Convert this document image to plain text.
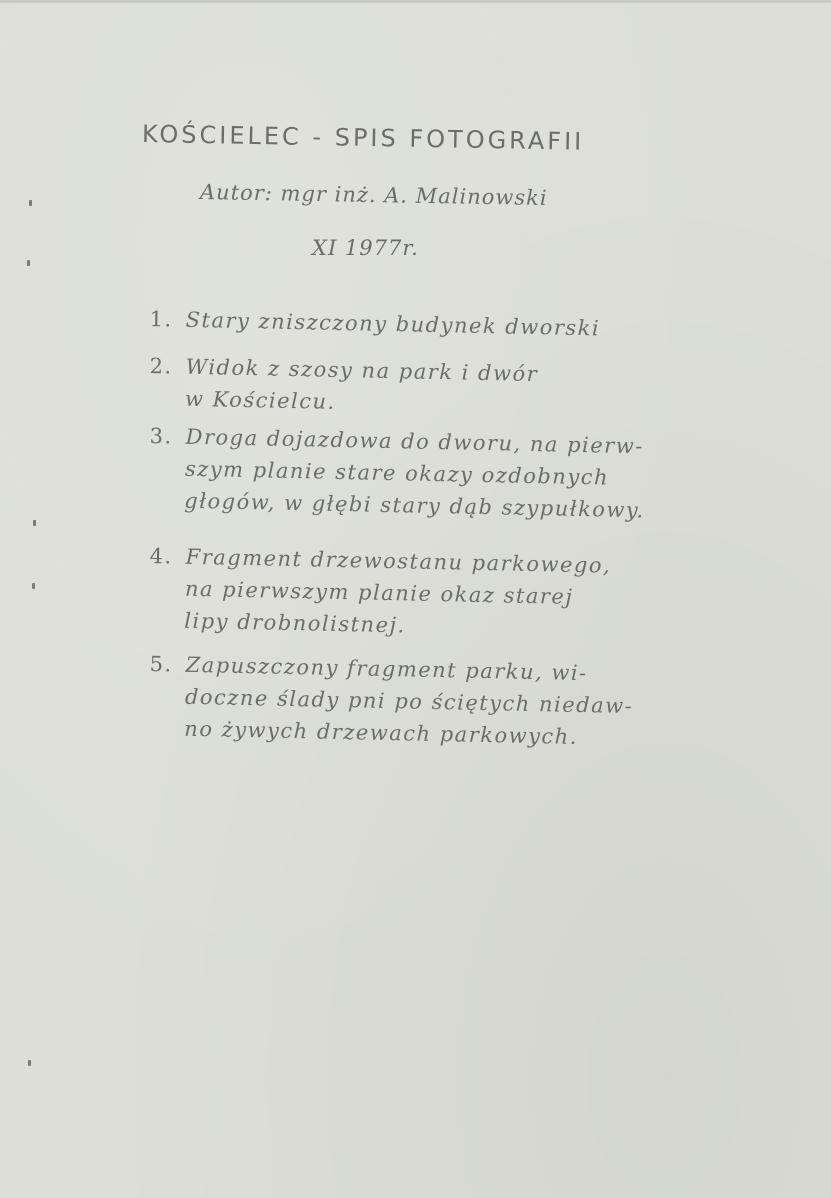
KOŚCIELEC - SPIS FOTOGRAFII
Autor: mgr inż. A. Malinowski
XI 1977r.
1. Stary zniszczony budynek dworski
2. Widok z szosy na park i dwór
w Kościelcu.
3. Droga dojazdowa do dworu, na pierw-
szym planie stare okazy ozdobnych
głogów, w głębi stary dąb szypułkowy.
4. Fragment drzewostanu parkowego,
na pierwszym planie okaz starej
lipy drobnolistnej.
5. Zapuszczony fragment parku, wi-
doczne ślady pni po ściętych niedaw-
no żywych drzewach parkowych.
